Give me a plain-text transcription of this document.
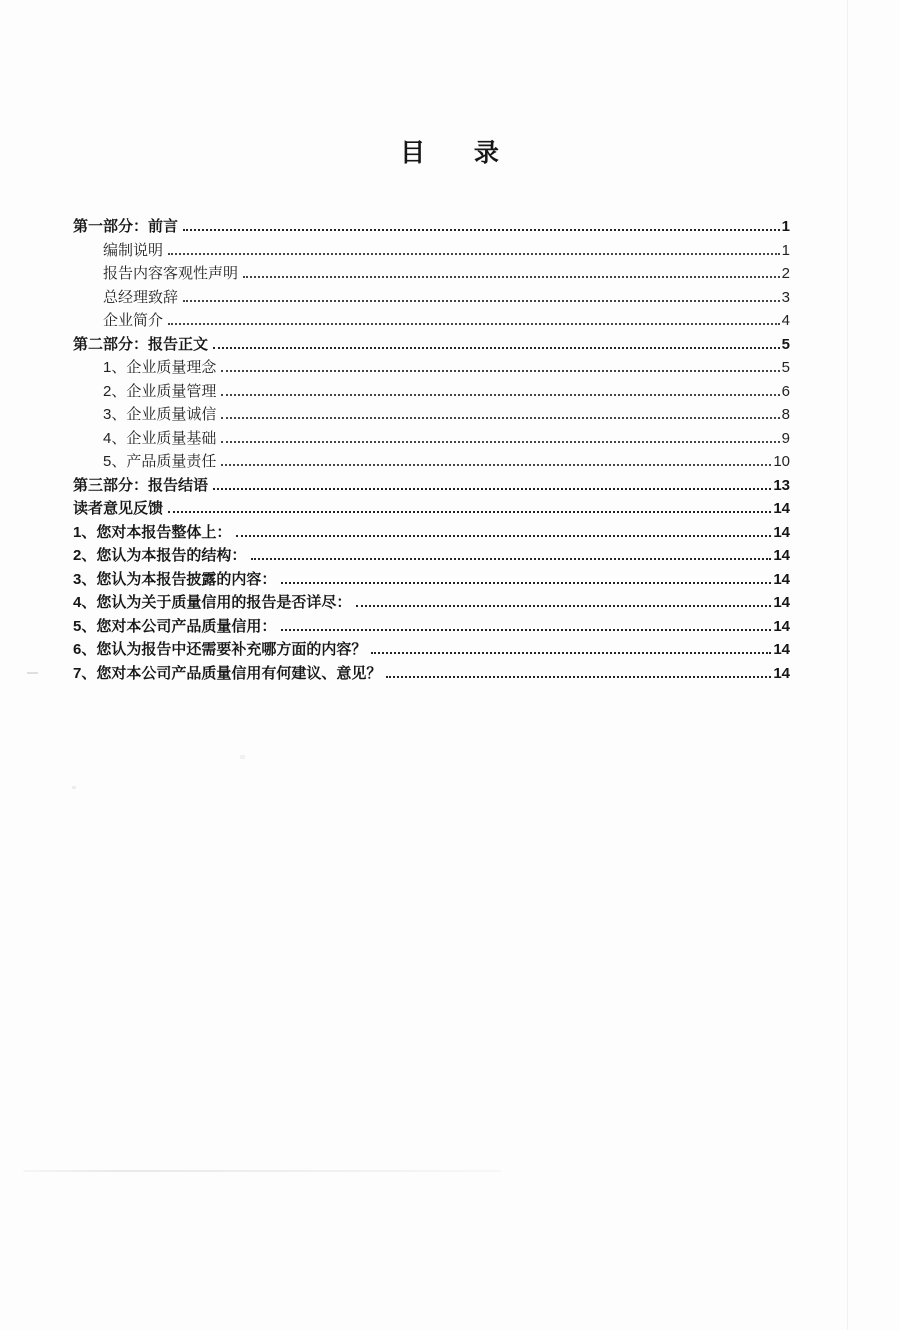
目      录
第一部分：前言	1
编制说明	1
报告内容客观性声明	2
总经理致辞	3
企业简介	4
第二部分：报告正文	5
1、企业质量理念	5
2、企业质量管理	6
3、企业质量诚信	8
4、企业质量基础	9
5、产品质量责任	10
第三部分：报告结语	13
读者意见反馈	14
1、您对本报告整体上：	14
2、您认为本报告的结构：	14
3、您认为本报告披露的内容：	14
4、您认为关于质量信用的报告是否详尽：	14
5、您对本公司产品质量信用：	14
6、您认为报告中还需要补充哪方面的内容？	14
7、您对本公司产品质量信用有何建议、意见？	14
